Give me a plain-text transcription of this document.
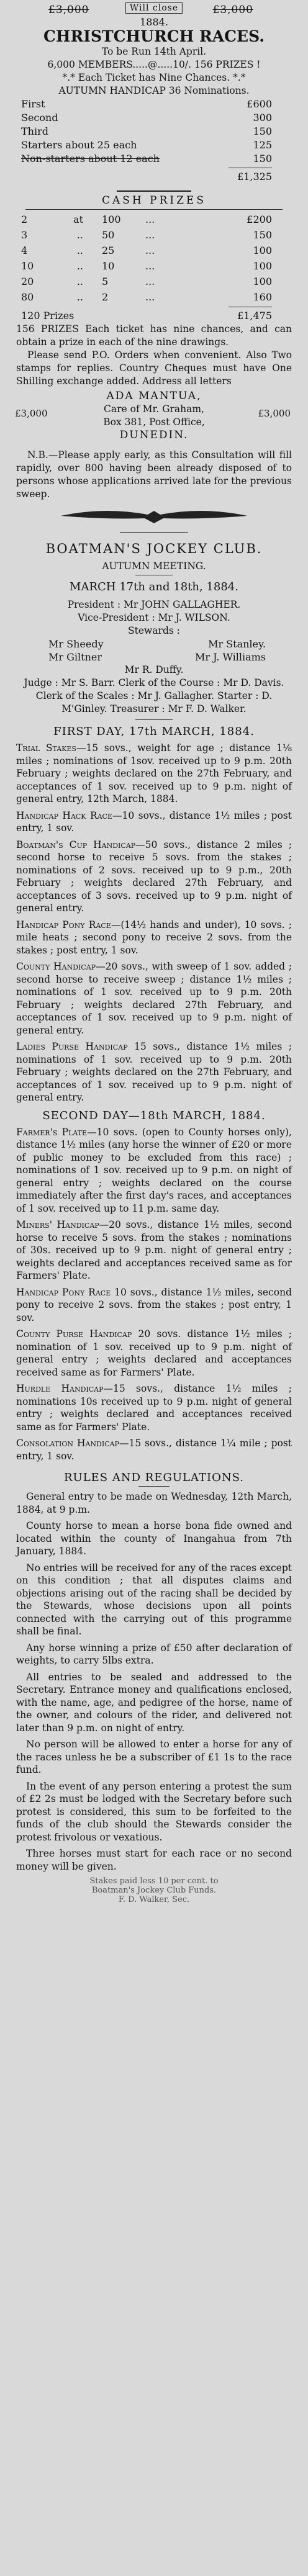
£3,000	Will close	£3,000
1884.
CHRISTCHURCH RACES.
To be Run 14th April.
6,000 MEMBERS.....@.....10/. 156 PRIZES !
*.* Each Ticket has Nine Chances. *.*
AUTUMN HANDICAP 36 Nominations.
First	£600
Second	300
Third	150
Starters about 25 each	125
Non-starters about 12 each	150
£1,325
CASH PRIZES
2	at 100	...	£200
3	.. 50	...	150
4	.. 25	...	100
10	.. 10	...	100
20	.. 5	...	100
80	.. 2	...	160
120 Prizes	£1,475
156 PRIZES Each ticket has nine chances, and can obtain a prize in each of the nine drawings.
Please send P.O. Orders when convenient. Also Two stamps for replies. Country Cheques must have One Shilling exchange added. Address all letters
ADA MANTUA,
Care of Mr. Graham,
Box 381, Post Office,
DUNEDIN.
£3,000	£3,000
N.B.—Please apply early, as this Consultation will fill rapidly, over 800 having been already disposed of to persons whose applications arrived late for the previous sweep.
BOATMAN'S JOCKEY CLUB.
AUTUMN MEETING.
MARCH 17th and 18th, 1884.
President : Mr JOHN GALLAGHER.
Vice-President : Mr J. WILSON.
Stewards :
Mr Sheedy	Mr Stanley.
Mr Giltner	Mr J. Williams
Mr R. Duffy.
Judge : Mr S. Barr. Clerk of the Course : Mr D. Davis. Clerk of the Scales : Mr J. Gallagher. Starter : D. M'Ginley. Treasurer : Mr F. D. Walker.
FIRST DAY, 17th MARCH, 1884.
Trial Stakes—15 sovs., weight for age ; distance 1⅛ miles ; nominations of 1sov. received up to 9 p.m. 20th February ; weights declared on the 27th February, and acceptances of 1 sov. received up to 9 p.m. night of general entry, 12th March, 1884.
Handicap Hack Race—10 sovs., distance 1½ miles ; post entry, 1 sov.
Boatman's Cup Handicap—50 sovs., distance 2 miles ; second horse to receive 5 sovs. from the stakes ; nominations of 2 sovs. received up to 9 p.m., 20th February ; weights declared 27th February, and acceptances of 3 sovs. received up to 9 p.m. night of general entry.
Handicap Pony Race—(14½ hands and under), 10 sovs. ; mile heats ; second pony to receive 2 sovs. from the stakes ; post entry, 1 sov.
County Handicap—20 sovs., with sweep of 1 sov. added ; second horse to receive sweep ; distance 1½ miles ; nominations of 1 sov. received up to 9 p.m. 20th February ; weights declared 27th February, and acceptances of 1 sov. received up to 9 p.m. night of general entry.
Ladies Purse Handicap 15 sovs., distance 1½ miles ; nominations of 1 sov. received up to 9 p.m. 20th February ; weights declared on the 27th February, and acceptances of 1 sov. received up to 9 p.m. night of general entry.
SECOND DAY—18th MARCH, 1884.
Farmer's Plate—10 sovs. (open to County horses only), distance 1½ miles (any horse the winner of £20 or more of public money to be excluded from this race) ; nominations of 1 sov. received up to 9 p.m. on night of general entry ; weights declared on the course immediately after the first day's races, and acceptances of 1 sov. received up to 11 p.m. same day.
Miners' Handicap—20 sovs., distance 1½ miles, second horse to receive 5 sovs. from the stakes ; nominations of 30s. received up to 9 p.m. night of general entry ; weights declared and acceptances received same as for Farmers' Plate.
Handicap Pony Race 10 sovs., distance 1½ miles, second pony to receive 2 sovs. from the stakes ; post entry, 1 sov.
County Purse Handicap 20 sovs. distance 1½ miles ; nomination of 1 sov. received up to 9 p.m. night of general entry ; weights declared and acceptances received same as for Farmers' Plate.
Hurdle Handicap—15 sovs., distance 1½ miles ; nominations 10s received up to 9 p.m. night of general entry ; weights declared and acceptances received same as for Farmers' Plate.
Consolation Handicap—15 sovs., distance 1¼ mile ; post entry, 1 sov.
RULES AND REGULATIONS.
General entry to be made on Wednesday, 12th March, 1884, at 9 p.m.
County horse to mean a horse bona fide owned and located within the county of Inangahua from 7th January, 1884.
No entries will be received for any of the races except on this condition ; that all disputes claims and objections arising out of the racing shall be decided by the Stewards, whose decisions upon all points connected with the carrying out of this programme shall be final.
Any horse winning a prize of £50 after declaration of weights, to carry 5lbs extra.
All entries to be sealed and addressed to the Secretary. Entrance money and qualifications enclosed, with the name, age, and pedigree of the horse, name of the owner, and colours of the rider, and delivered not later than 9 p.m. on night of entry.
No person will be allowed to enter a horse for any of the races unless he be a subscriber of £1 1s to the race fund.
In the event of any person entering a protest the sum of £2 2s must be lodged with the Secretary before such protest is considered, this sum to be forfeited to the funds of the club should the Stewards consider the protest frivolous or vexatious.
Three horses must start for each race or no second money will be given.
Stakes paid less 10 per cent. to
Boatman's Jockey Club Funds.
F. D. Walker, Sec.
